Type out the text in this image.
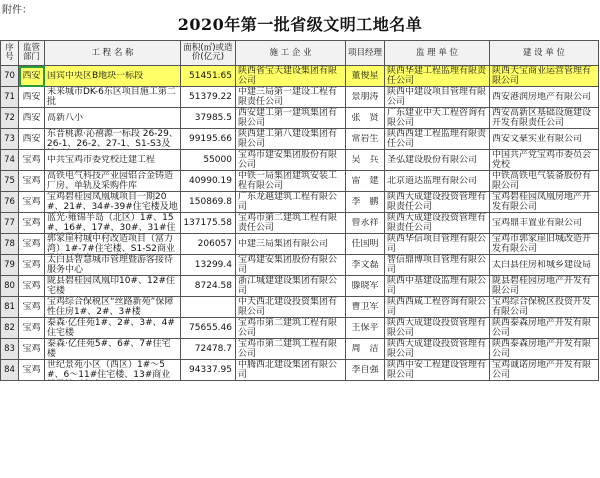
附件：
2020年第一批省级文明工地名单
序号	监管部门	工 程 名 称	面积(㎡)或造价(亿元)	施 工 企 业	项目经理	监 理 单 位	建 设 单 位

70	西安	国宾中央区B地块一标段	51451.65	陕西省宝天建设集团有限公司	董俊星	陕西华建工程监理有限责任公司	陕西天宝商业运营管理有限公司

71	西安	未来城市DK-6东区项目施工第二批	51379.22	中建三局第一建设工程有限责任公司	景朋涛	陕西中建设项目管理有限公司	西安港润房地产有限公司

72	西安	高新八小	37985.5	西安建工第一建筑集团有限公司	张　贤	广东建业中天工程咨询有限公司	西安高新区基础设施建设开发有限责任公司

73	西安	东晋桃源·沁禧源一标段 26-29、26-1、26-2、27-1、S1-S3及	99195.66	陕西建工第八建设集团有限公司	常岩生	陕西西建工程监理有限责任公司	西安文豪实业有限公司

74	宝鸡	中共宝鸡市委党校迁建工程	55000	宝鸡市建安集团股份有限公司	吴　兵	圣弘建设股份有限公司	中国共产党宝鸡市委员会党校

75	宝鸡	高铁电气科技产业园铝合金铸造厂房、单轨及采购件库	40990.19	中铁一局集团建筑安装工程有限公司	雷　建	北京道达监理有限公司	中铁高铁电气装备股份有限公司

76	宝鸡	宝鸡碧桂园凤凰城项目一期20#、21#、34#-39#住宅楼及地	150869.8	广东龙越建筑工程有限公司	李　鹏	陕西大成建设投资管理有限责任公司	宝鸡碧桂园凤凰房地产开发有限公司

77	宝鸡	蓝光·雍锦半岛（北区）1#、15#、16#、17#、30#、31#住	137175.58	宝鸡市第二建筑工程有限责任公司	曾永祥	陕西大成建设投资管理有限责任公司	宝鸡鼎丰置业有限公司

78	宝鸡	郭家崖村城中村改造项目（富力湾）1#-7#住宅楼、S1-S2商业	206057	中建三局集团有限公司	任国明	陕西华信项目管理有限公司	宝鸡市郭家崖旧城改造开发有限公司

79	宝鸡	太白县智慧城市管理暨游客接待服务中心	13299.4	宝鸡建安集团股份有限公司	李文磊	智信鼎博项目管理有限公司	太白县住房和城乡建设局

80	宝鸡	陇县碧桂园凤凰印10#、12#住宅楼	8724.58	浙江城建建设集团有限公司	滕晓军	陕西中基建设监理有限公司	陇县碧桂园房地产开发有限公司

81	宝鸡	宝鸡综合保税区“丝路新苑”保障性住房1#、2#、3#楼		中天西北建设投资集团有限公司	曹卫军	陕西西咸工程咨询有限公司	宝鸡综合保税区投资开发有限公司

82	宝鸡	泰森·亿佳苑1#、2#、3#、4#住宅楼	75655.46	宝鸡市第二建筑工程有限公司	王保平	陕西大成建设投资管理有限公司	陕西泰森房地产开发有限公司

83	宝鸡	泰森·亿佳苑5#、6#、7#住宅楼	72478.7	宝鸡市第二建筑工程有限公司	周　洁	陕西大成建设投资管理有限公司	陕西泰森房地产开发有限公司

84	宝鸡	世纪景苑小区（西区）1#～5#、6～11#住宅楼、13#商业	94337.95	中腾西北建设集团有限公司	李自强	陕西中安工程建设管理有限公司	宝鸡诚诺房地产开发有限公司
